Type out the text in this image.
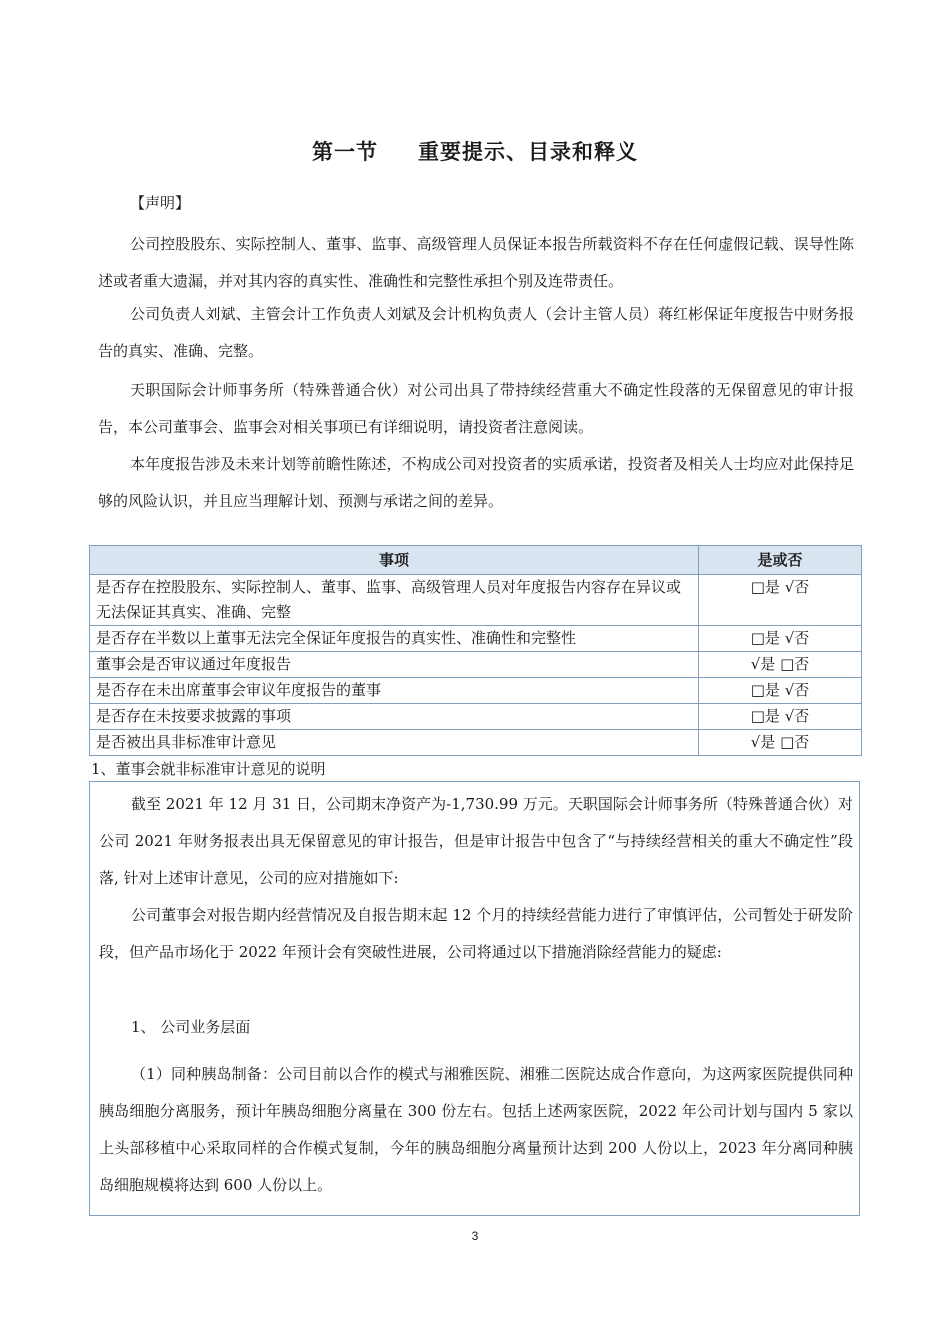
第一节 重要提示、目录和释义
【声明】
公司控股股东、实际控制人、董事、监事、高级管理人员保证本报告所载资料不存在任何虚假记载、误导性陈述或者重大遗漏，并对其内容的真实性、准确性和完整性承担个别及连带责任。
公司负责人刘斌、主管会计工作负责人刘斌及会计机构负责人（会计主管人员）蒋红彬保证年度报告中财务报告的真实、准确、完整。
天职国际会计师事务所（特殊普通合伙）对公司出具了带持续经营重大不确定性段落的无保留意见的审计报告，本公司董事会、监事会对相关事项已有详细说明，请投资者注意阅读。
本年度报告涉及未来计划等前瞻性陈述，不构成公司对投资者的实质承诺，投资者及相关人士均应对此保持足够的风险认识，并且应当理解计划、预测与承诺之间的差异。
事项	是或否
是否存在控股股东、实际控制人、董事、监事、高级管理人员对年度报告内容存在异议或无法保证其真实、准确、完整	□是 √否
是否存在半数以上董事无法完全保证年度报告的真实性、准确性和完整性	□是 √否
董事会是否审议通过年度报告	√是 □否
是否存在未出席董事会审议年度报告的董事	□是 √否
是否存在未按要求披露的事项	□是 √否
是否被出具非标准审计意见	√是 □否
1、董事会就非标准审计意见的说明
截至 2021 年 12 月 31 日，公司期末净资产为-1,730.99 万元。天职国际会计师事务所（特殊普通合伙）对公司 2021 年财务报表出具无保留意见的审计报告，但是审计报告中包含了“与持续经营相关的重大不确定性”段落, 针对上述审计意见，公司的应对措施如下:
公司董事会对报告期内经营情况及自报告期末起 12 个月的持续经营能力进行了审慎评估，公司暂处于研发阶段，但产品市场化于 2022 年预计会有突破性进展，公司将通过以下措施消除经营能力的疑虑:
1、 公司业务层面
（1）同种胰岛制备：公司目前以合作的模式与湘雅医院、湘雅二医院达成合作意向，为这两家医院提供同种胰岛细胞分离服务，预计年胰岛细胞分离量在 300 份左右。包括上述两家医院，2022 年公司计划与国内 5 家以上头部移植中心采取同样的合作模式复制，今年的胰岛细胞分离量预计达到 200 人份以上，2023 年分离同种胰岛细胞规模将达到 600 人份以上。
3
